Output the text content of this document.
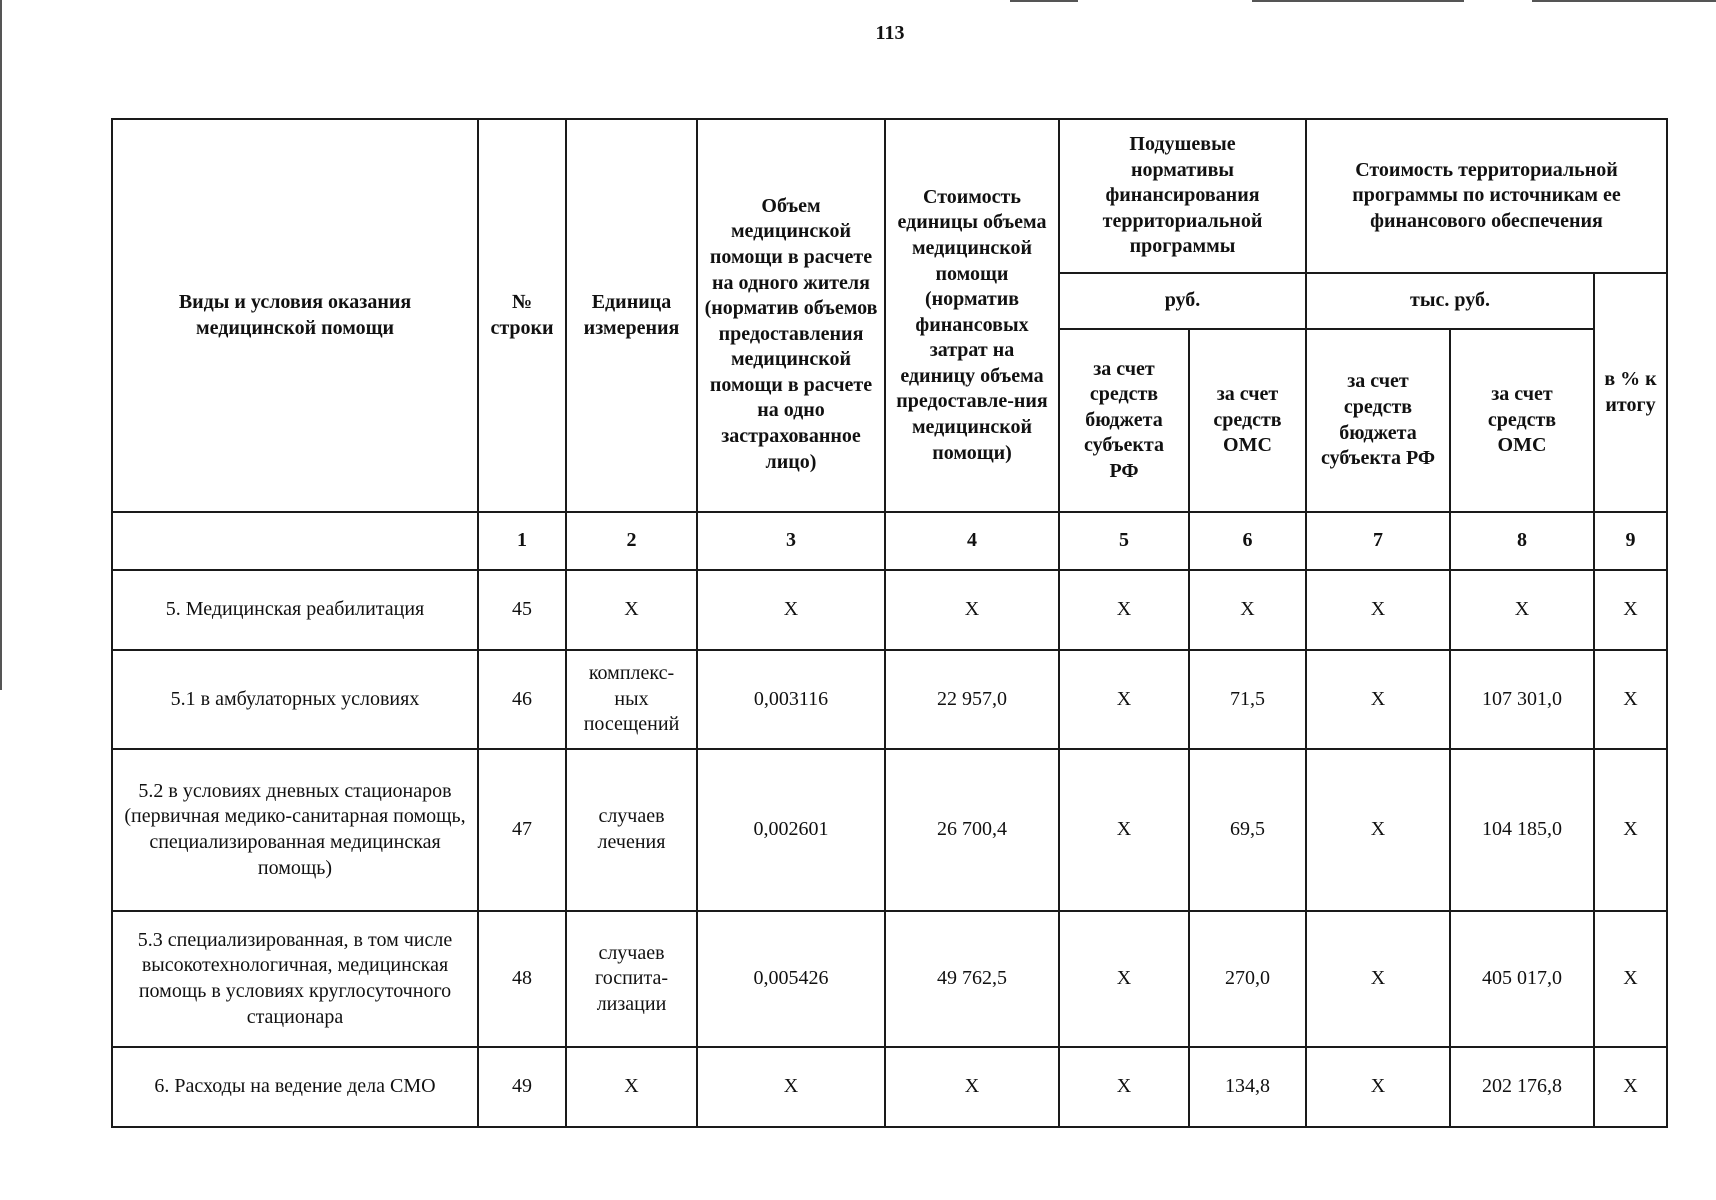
113
Виды и условия оказания медицинской помощи	№ строки	Единица измерения	Объем медицинской помощи в расчете на одного жителя (норматив объемов предоставления медицинской помощи в расчете на одно застрахованное лицо)	Стоимость единицы объема медицинской помощи (норматив финансовых затрат на единицу объема предоставле-ния медицинской помощи)	Подушевые нормативы финансирования территориальной программы		Стоимость территориальной программы по источникам ее финансового обеспечения		
					руб.		тыс. руб.		в % к итогу
					за счет средств бюджета субъекта РФ	за счет средств ОМС	за счет средств бюджета субъекта РФ	за счет средств ОМС	
	1	2	3	4	5	6	7	8	9
5. Медицинская реабилитация	45	Х	Х	Х	Х	Х	Х	Х	Х
5.1 в амбулаторных условиях	46	комплекс-ных посещений	0,003116	22 957,0	Х	71,5	Х	107 301,0	Х
5.2 в условиях дневных стационаров (первичная медико-санитарная помощь, специализированная медицинская помощь)	47	случаев лечения	0,002601	26 700,4	Х	69,5	Х	104 185,0	Х
5.3 специализированная, в том числе высокотехнологичная, медицинская помощь в условиях круглосуточного стационара	48	случаев госпита-лизации	0,005426	49 762,5	Х	270,0	Х	405 017,0	Х
6. Расходы на ведение дела СМО	49	Х	Х	Х	Х	134,8	Х	202 176,8	Х
